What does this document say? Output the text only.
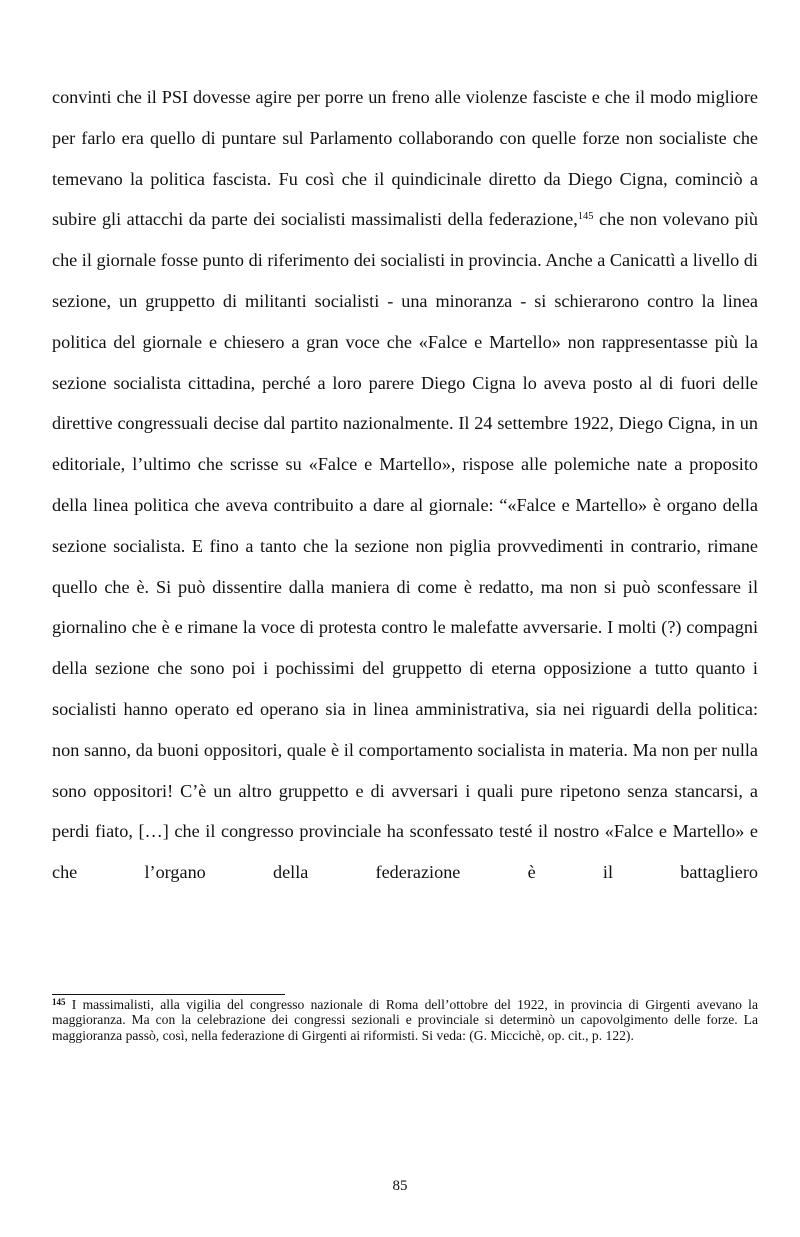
convinti che il PSI dovesse agire per porre un freno alle violenze fasciste e che il modo migliore per farlo era quello di puntare sul Parlamento collaborando con quelle forze non socialiste che temevano la politica fascista. Fu così che il quindicinale diretto da Diego Cigna, cominciò a subire gli attacchi da parte dei socialisti massimalisti della federazione,$^{145}$ che non volevano più che il giornale fosse punto di riferimento dei socialisti in provincia. Anche a Canicattì a livello di sezione, un gruppetto di militanti socialisti - una minoranza - si schierarono contro la linea politica del giornale e chiesero a gran voce che «Falce e Martello» non rappresentasse più la sezione socialista cittadina, perché a loro parere Diego Cigna lo aveva posto al di fuori delle direttive congressuali decise dal partito nazionalmente. Il 24 settembre 1922, Diego Cigna, in un editoriale, l’ultimo che scrisse su «Falce e Martello», rispose alle polemiche nate a proposito della linea politica che aveva contribuito a dare al giornale: “«Falce e Martello» è organo della sezione socialista. E fino a tanto che la sezione non piglia provvedimenti in contrario, rimane quello che è. Si può dissentire dalla maniera di come è redatto, ma non si può sconfessare il giornalino che è e rimane la voce di protesta contro le malefatte avversarie. I molti (?) compagni della sezione che sono poi i pochissimi del gruppetto di eterna opposizione a tutto quanto i socialisti hanno operato ed operano sia in linea amministrativa, sia nei riguardi della politica: non sanno, da buoni oppositori, quale è il comportamento socialista in materia. Ma non per nulla sono oppositori! C’è un altro gruppetto e di avversari i quali pure ripetono senza stancarsi, a perdi fiato, […] che il congresso provinciale ha sconfessato testé il nostro «Falce e Martello» e che l’organo della federazione è il battagliero

$^{145}$ I massimalisti, alla vigilia del congresso nazionale di Roma dell’ottobre del 1922, in provincia di Girgenti avevano la maggioranza. Ma con la celebrazione dei congressi sezionali e provinciale si determinò un capovolgimento delle forze. La maggioranza passò, così, nella federazione di Girgenti ai riformisti. Si veda: (G. Miccichè, op. cit., p. 122).

85
